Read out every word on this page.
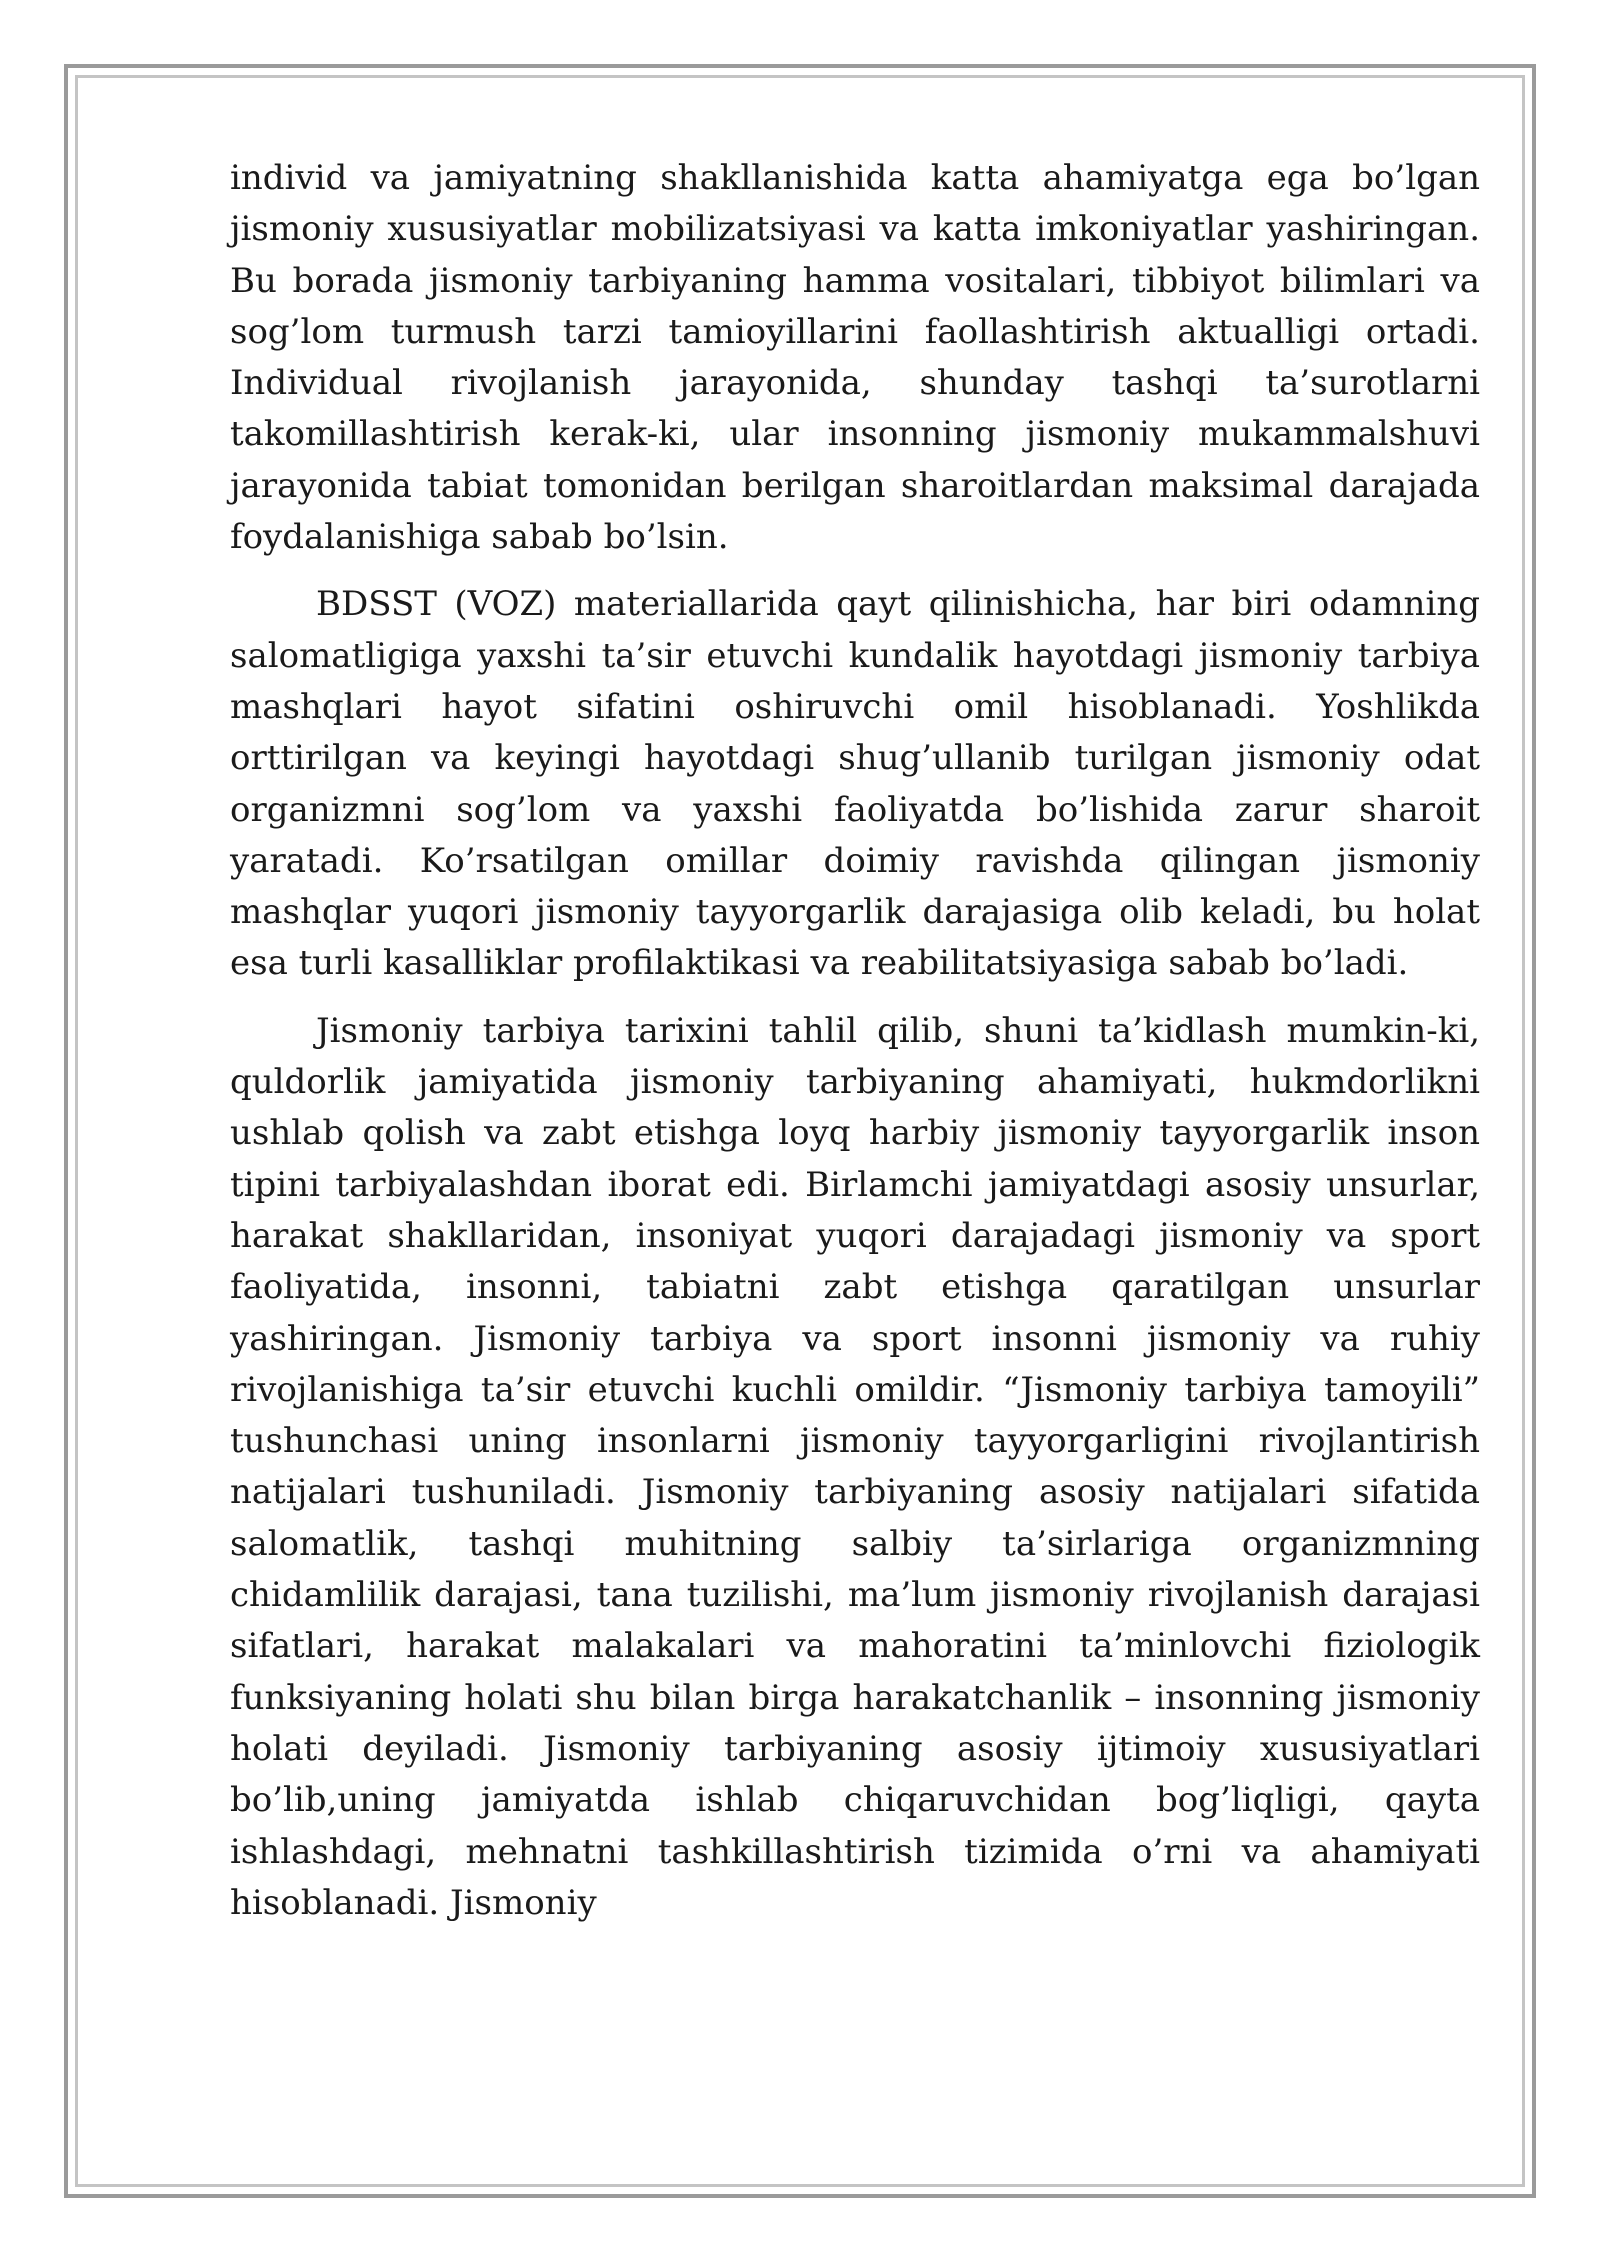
individ va jamiyatning shakllanishida katta ahamiyatga ega bo’lgan jismoniy xususiyatlar mobilizatsiyasi va katta imkoniyatlar yashiringan. Bu borada jismoniy tarbiyaning hamma vositalari, tibbiyot bilimlari va sog’lom turmush tarzi tamioyillarini faollashtirish aktualligi ortadi. Individual rivojlanish jarayonida, shunday tashqi ta’surotlarni takomillashtirish kerak-ki, ular insonning jismoniy mukammalshuvi jarayonida tabiat tomonidan berilgan sharoitlardan maksimal darajada foydalanishiga sabab bo’lsin.

BDSST (VOZ) materiallarida qayt qilinishicha, har biri odamning salomatligiga yaxshi ta’sir etuvchi kundalik hayotdagi jismoniy tarbiya mashqlari hayot sifatini oshiruvchi omil hisoblanadi. Yoshlikda orttirilgan va keyingi hayotdagi shug’ullanib turilgan jismoniy odat organizmni sog’lom va yaxshi faoliyatda bo’lishida zarur sharoit yaratadi. Ko’rsatilgan omillar doimiy ravishda qilingan jismoniy mashqlar yuqori jismoniy tayyorgarlik darajasiga olib keladi, bu holat esa turli kasalliklar profilaktikasi va reabilitatsiyasiga sabab bo’ladi.

Jismoniy tarbiya tarixini tahlil qilib, shuni ta’kidlash mumkin-ki, quldorlik jamiyatida jismoniy tarbiyaning ahamiyati, hukmdorlikni ushlab qolish va zabt etishga loyq harbiy jismoniy tayyorgarlik inson tipini tarbiyalashdan iborat edi. Birlamchi jamiyatdagi asosiy unsurlar, harakat shakllaridan, insoniyat yuqori darajadagi jismoniy va sport faoliyatida, insonni, tabiatni zabt etishga qaratilgan unsurlar yashiringan. Jismoniy tarbiya va sport insonni jismoniy va ruhiy rivojlanishiga ta’sir etuvchi kuchli omildir. “Jismoniy tarbiya tamoyili” tushunchasi uning insonlarni jismoniy tayyorgarligini rivojlantirish natijalari tushuniladi. Jismoniy tarbiyaning asosiy natijalari sifatida salomatlik, tashqi muhitning salbiy ta’sirlariga organizmning chidamlilik darajasi, tana tuzilishi, ma’lum jismoniy rivojlanish darajasi sifatlari, harakat malakalari va mahoratini ta’minlovchi fiziologik funksiyaning holati shu bilan birga harakatchanlik – insonning jismoniy holati deyiladi. Jismoniy tarbiyaning asosiy ijtimoiy xususiyatlari bo’lib,uning jamiyatda ishlab chiqaruvchidan bog’liqligi, qayta ishlashdagi, mehnatni tashkillashtirish tizimida o’rni va ahamiyati hisoblanadi. Jismoniy
